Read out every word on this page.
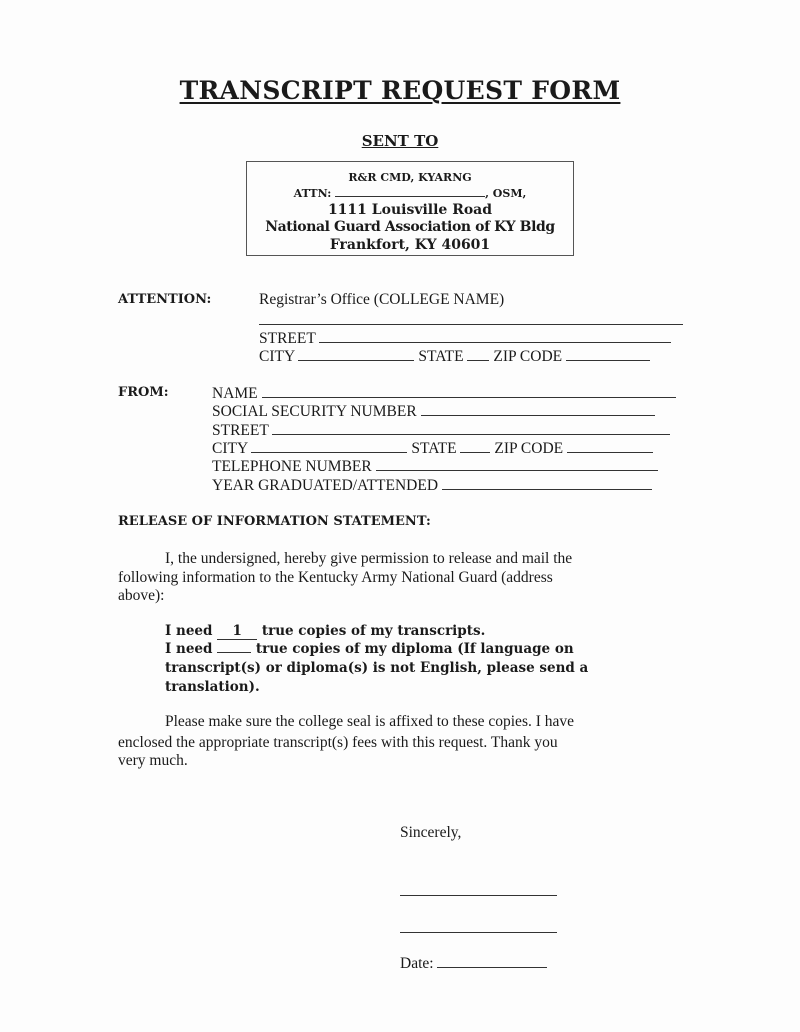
TRANSCRIPT REQUEST FORM
SENT TO
R&R CMD, KYARNG
ATTN:	, OSM,
1111 Louisville Road
National Guard Association of KY Bldg
Frankfort, KY 40601
ATTENTION:	Registrar’s Office (COLLEGE NAME)
STREET
CITY	STATE ZIP CODE
FROM:	NAME
SOCIAL SECURITY NUMBER
STREET
CITY	STATE ZIP CODE
TELEPHONE NUMBER
YEAR GRADUATED/ATTENDED
RELEASE OF INFORMATION STATEMENT:
I, the undersigned, hereby give permission to release and mail the
following information to the Kentucky Army National Guard (address
above):
I need 1 true copies of my transcripts.
I need	true copies of my diploma (If language on
transcript(s) or diploma(s) is not English, please send a
translation).
Please make sure the college seal is affixed to these copies. I have
enclosed the appropriate transcript(s) fees with this request. Thank you
very much.
Sincerely,
Date:
